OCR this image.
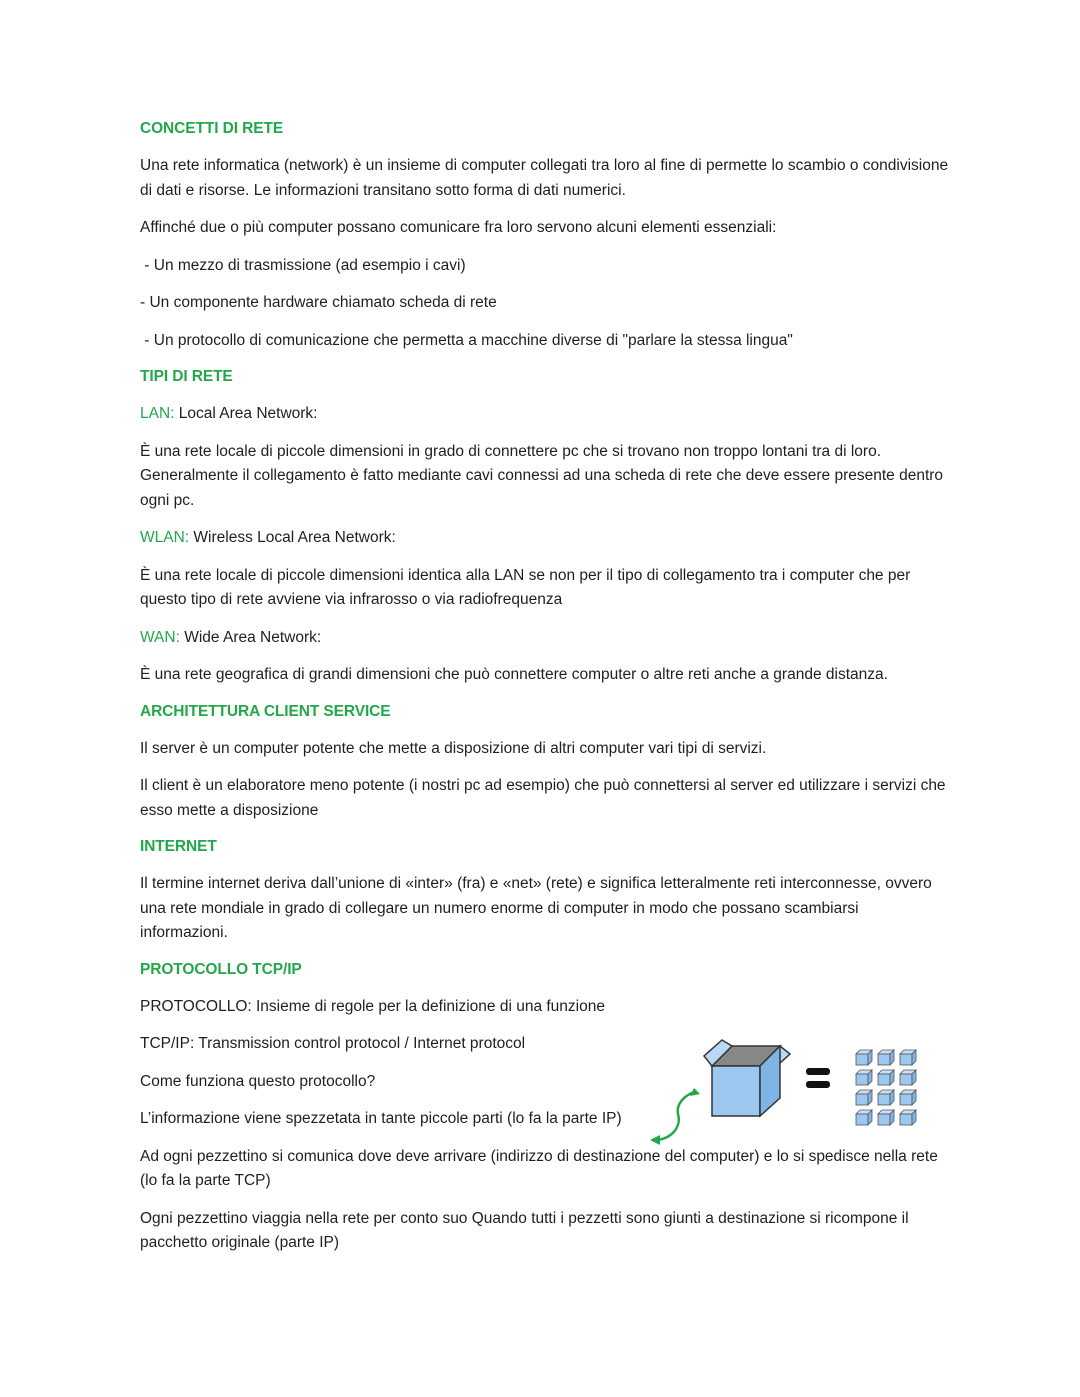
CONCETTI DI RETE
Una rete informatica (network) è un insieme di computer collegati tra loro al fine di permette lo scambio o condivisione di dati e risorse. Le informazioni transitano sotto forma di dati numerici.
Affinché due o più computer possano comunicare fra loro servono alcuni elementi essenziali:
- Un mezzo di trasmissione (ad esempio i cavi)
- Un componente hardware chiamato scheda di rete
- Un protocollo di comunicazione che permetta a macchine diverse di "parlare la stessa lingua"
TIPI DI RETE
LAN: Local Area Network:
È una rete locale di piccole dimensioni in grado di connettere pc che si trovano non troppo lontani tra di loro. Generalmente il collegamento è fatto mediante cavi connessi ad una scheda di rete che deve essere presente dentro ogni pc.
WLAN: Wireless Local Area Network:
È una rete locale di piccole dimensioni identica alla LAN se non per il tipo di collegamento tra i computer che per questo tipo di rete avviene via infrarosso o via radiofrequenza
WAN: Wide Area Network:
È una rete geografica di grandi dimensioni che può connettere computer o altre reti anche a grande distanza.
ARCHITETTURA CLIENT SERVICE
Il server è un computer potente che mette a disposizione di altri computer vari tipi di servizi.
Il client è un elaboratore meno potente (i nostri pc ad esempio) che può connettersi al server ed utilizzare i servizi che esso mette a disposizione
INTERNET
Il termine internet deriva dall’unione di «inter» (fra) e «net» (rete) e significa letteralmente reti interconnesse, ovvero una rete mondiale in grado di collegare un numero enorme di computer in modo che possano scambiarsi informazioni.
PROTOCOLLO TCP/IP
PROTOCOLLO: Insieme di regole per la definizione di una funzione
TCP/IP: Transmission control protocol / Internet protocol
Come funziona questo protocollo?
L’informazione viene spezzetata in tante piccole parti (lo fa la parte IP)
Ad ogni pezzettino si comunica dove deve arrivare (indirizzo di destinazione del computer) e lo si spedisce nella rete (lo fa la parte TCP)
Ogni pezzettino viaggia nella rete per conto suo Quando tutti i pezzetti sono giunti a destinazione si ricompone il pacchetto originale (parte IP)
